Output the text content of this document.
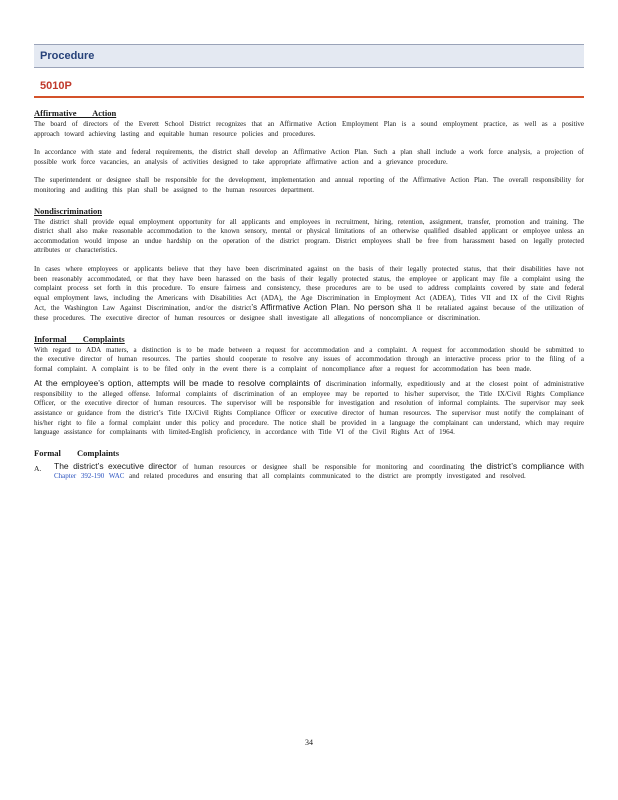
Procedure
5010P
Affirmative Action

The board of directors of the Everett School District recognizes that an Affirmative Action Employment Plan is a sound employment practice, as well as a positive approach toward achieving lasting and equitable human resource policies and procedures.

In accordance with state and federal requirements, the district shall develop an Affirmative Action Plan. Such a plan shall include a work force analysis, a projection of possible work force vacancies, an analysis of activities designed to take appropriate affirmative action and a grievance procedure.

The superintendent or designee shall be responsible for the development, implementation and annual reporting of the Affirmative Action Plan. The overall responsibility for monitoring and auditing this plan shall be assigned to the human resources department.

Nondiscrimination

The district shall provide equal employment opportunity for all applicants and employees in recruitment, hiring, retention, assignment, transfer, promotion and training. The district shall also make reasonable accommodation to the known sensory, mental or physical limitations of an otherwise qualified disabled applicant or employee unless an accommodation would impose an undue hardship on the operation of the district program. District employees shall be free from harassment based on legally protected attributes or characteristics.

In cases where employees or applicants believe that they have been discriminated against on the basis of their legally protected status, that their disabilities have not been reasonably accommodated, or that they have been harassed on the basis of their legally protected status, the employee or applicant may file a complaint using the complaint process set forth in this procedure. To ensure fairness and consistency, these procedures are to be used to address complaints covered by state and federal equal employment laws, including the Americans with Disabilities Act (ADA), the Age Discrimination in Employment Act (ADEA), Titles VII and IX of the Civil Rights Act, the Washington Law Against Discrimination, and/or the district’s Affirmative Action Plan. No person sha ll be retaliated against because of the utilization of these procedures. The executive director of human resources or designee shall investigate all allegations of noncompliance or discrimination.

Informal Complaints

With regard to ADA matters, a distinction is to be made between a request for accommodation and a complaint. A request for accommodation should be submitted to the executive director of human resources. The parties should cooperate to resolve any issues of accommodation through an interactive process prior to the filing of a formal complaint. A complaint is to be filed only in the event there is a complaint of noncompliance after a request for accommodation has been made.

At the employee’s option, attempts will be made to resolve complaints of discrimination informally, expeditiously and at the closest point of administrative responsibility to the alleged offense. Informal complaints of discrimination of an employee may be reported to his/her supervisor, the Title IX/Civil Rights Compliance Officer, or the executive director of human resources. The supervisor will be responsible for investigation and resolution of informal complaints. The supervisor may seek assistance or guidance from the district’s Title IX/Civil Rights Compliance Officer or executive director of human resources. The supervisor must notify the complainant of his/her right to file a formal complaint under this policy and procedure. The notice shall be provided in a language the complainant can understand, which may require language assistance for complainants with limited-English proficiency, in accordance with Title VI of the Civil Rights Act of 1964.

Formal Complaints
A.	The district’s executive director of human resources or designee shall be responsible for monitoring and coordinating the district’s compliance with Chapter 392-190 WAC and related procedures and ensuring that all complaints communicated to the district are promptly investigated and resolved.

34
